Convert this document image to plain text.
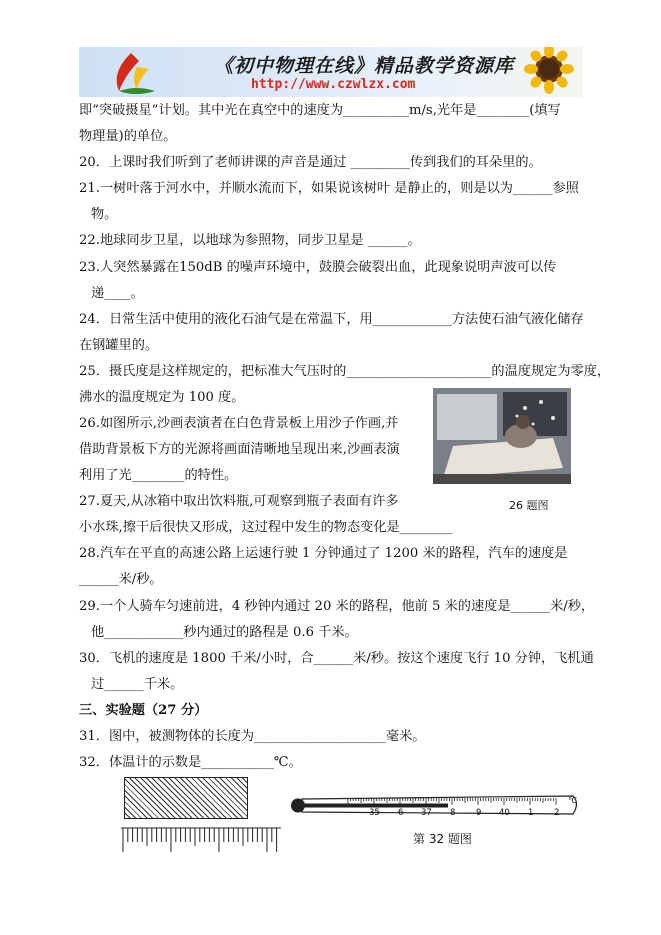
《初中物理在线》精品教学资源库
http://www.czwlzx.com
即“突破摄星”计划。其中光在真空中的速度为__________m/s,光年是________(填写
物理量)的单位。
20．上课时我们听到了老师讲课的声音是通过 _________传到我们的耳朵里的。
21.一树叶落于河水中，并顺水流而下，如果说该树叶 是静止的，则是以为______参照
物。
22.地球同步卫星，以地球为参照物，同步卫星是 ______。
23.人突然暴露在150dB 的噪声环境中，鼓膜会破裂出血，此现象说明声波可以传
递____。
24．日常生活中使用的液化石油气是在常温下，用____________方法使石油气液化储存
在钢罐里的。
25．摄氏度是这样规定的，把标准大气压时的______________________的温度规定为零度，
沸水的温度规定为 100 度。
26.如图所示,沙画表演者在白色背景板上用沙子作画,并
借助背景板下方的光源将画面清晰地呈现出来,沙画表演
利用了光________的特性。
27.夏天,从冰箱中取出饮料瓶,可观察到瓶子表面有许多
小水珠,擦干后很快又形成，这过程中发生的物态变化是________
28.汽车在平直的高速公路上运速行驶 1 分钟通过了 1200 米的路程，汽车的速度是
______米/秒。
29.一个人骑车匀速前进，4 秒钟内通过 20 米的路程，他前 5 米的速度是______米/秒，
他____________秒内通过的路程是 0.6 千米。
30．飞机的速度是 1800 千米/小时，合______米/秒。按这个速度飞行 10 分钟，飞机通
过______千米。
三、实验题（27 分）
31．图中，被测物体的长度为____________________毫米。
32．体温计的示数是___________℃。
26 题图
35 6 37 8 9 40 1 2
℃
第 32 题图
